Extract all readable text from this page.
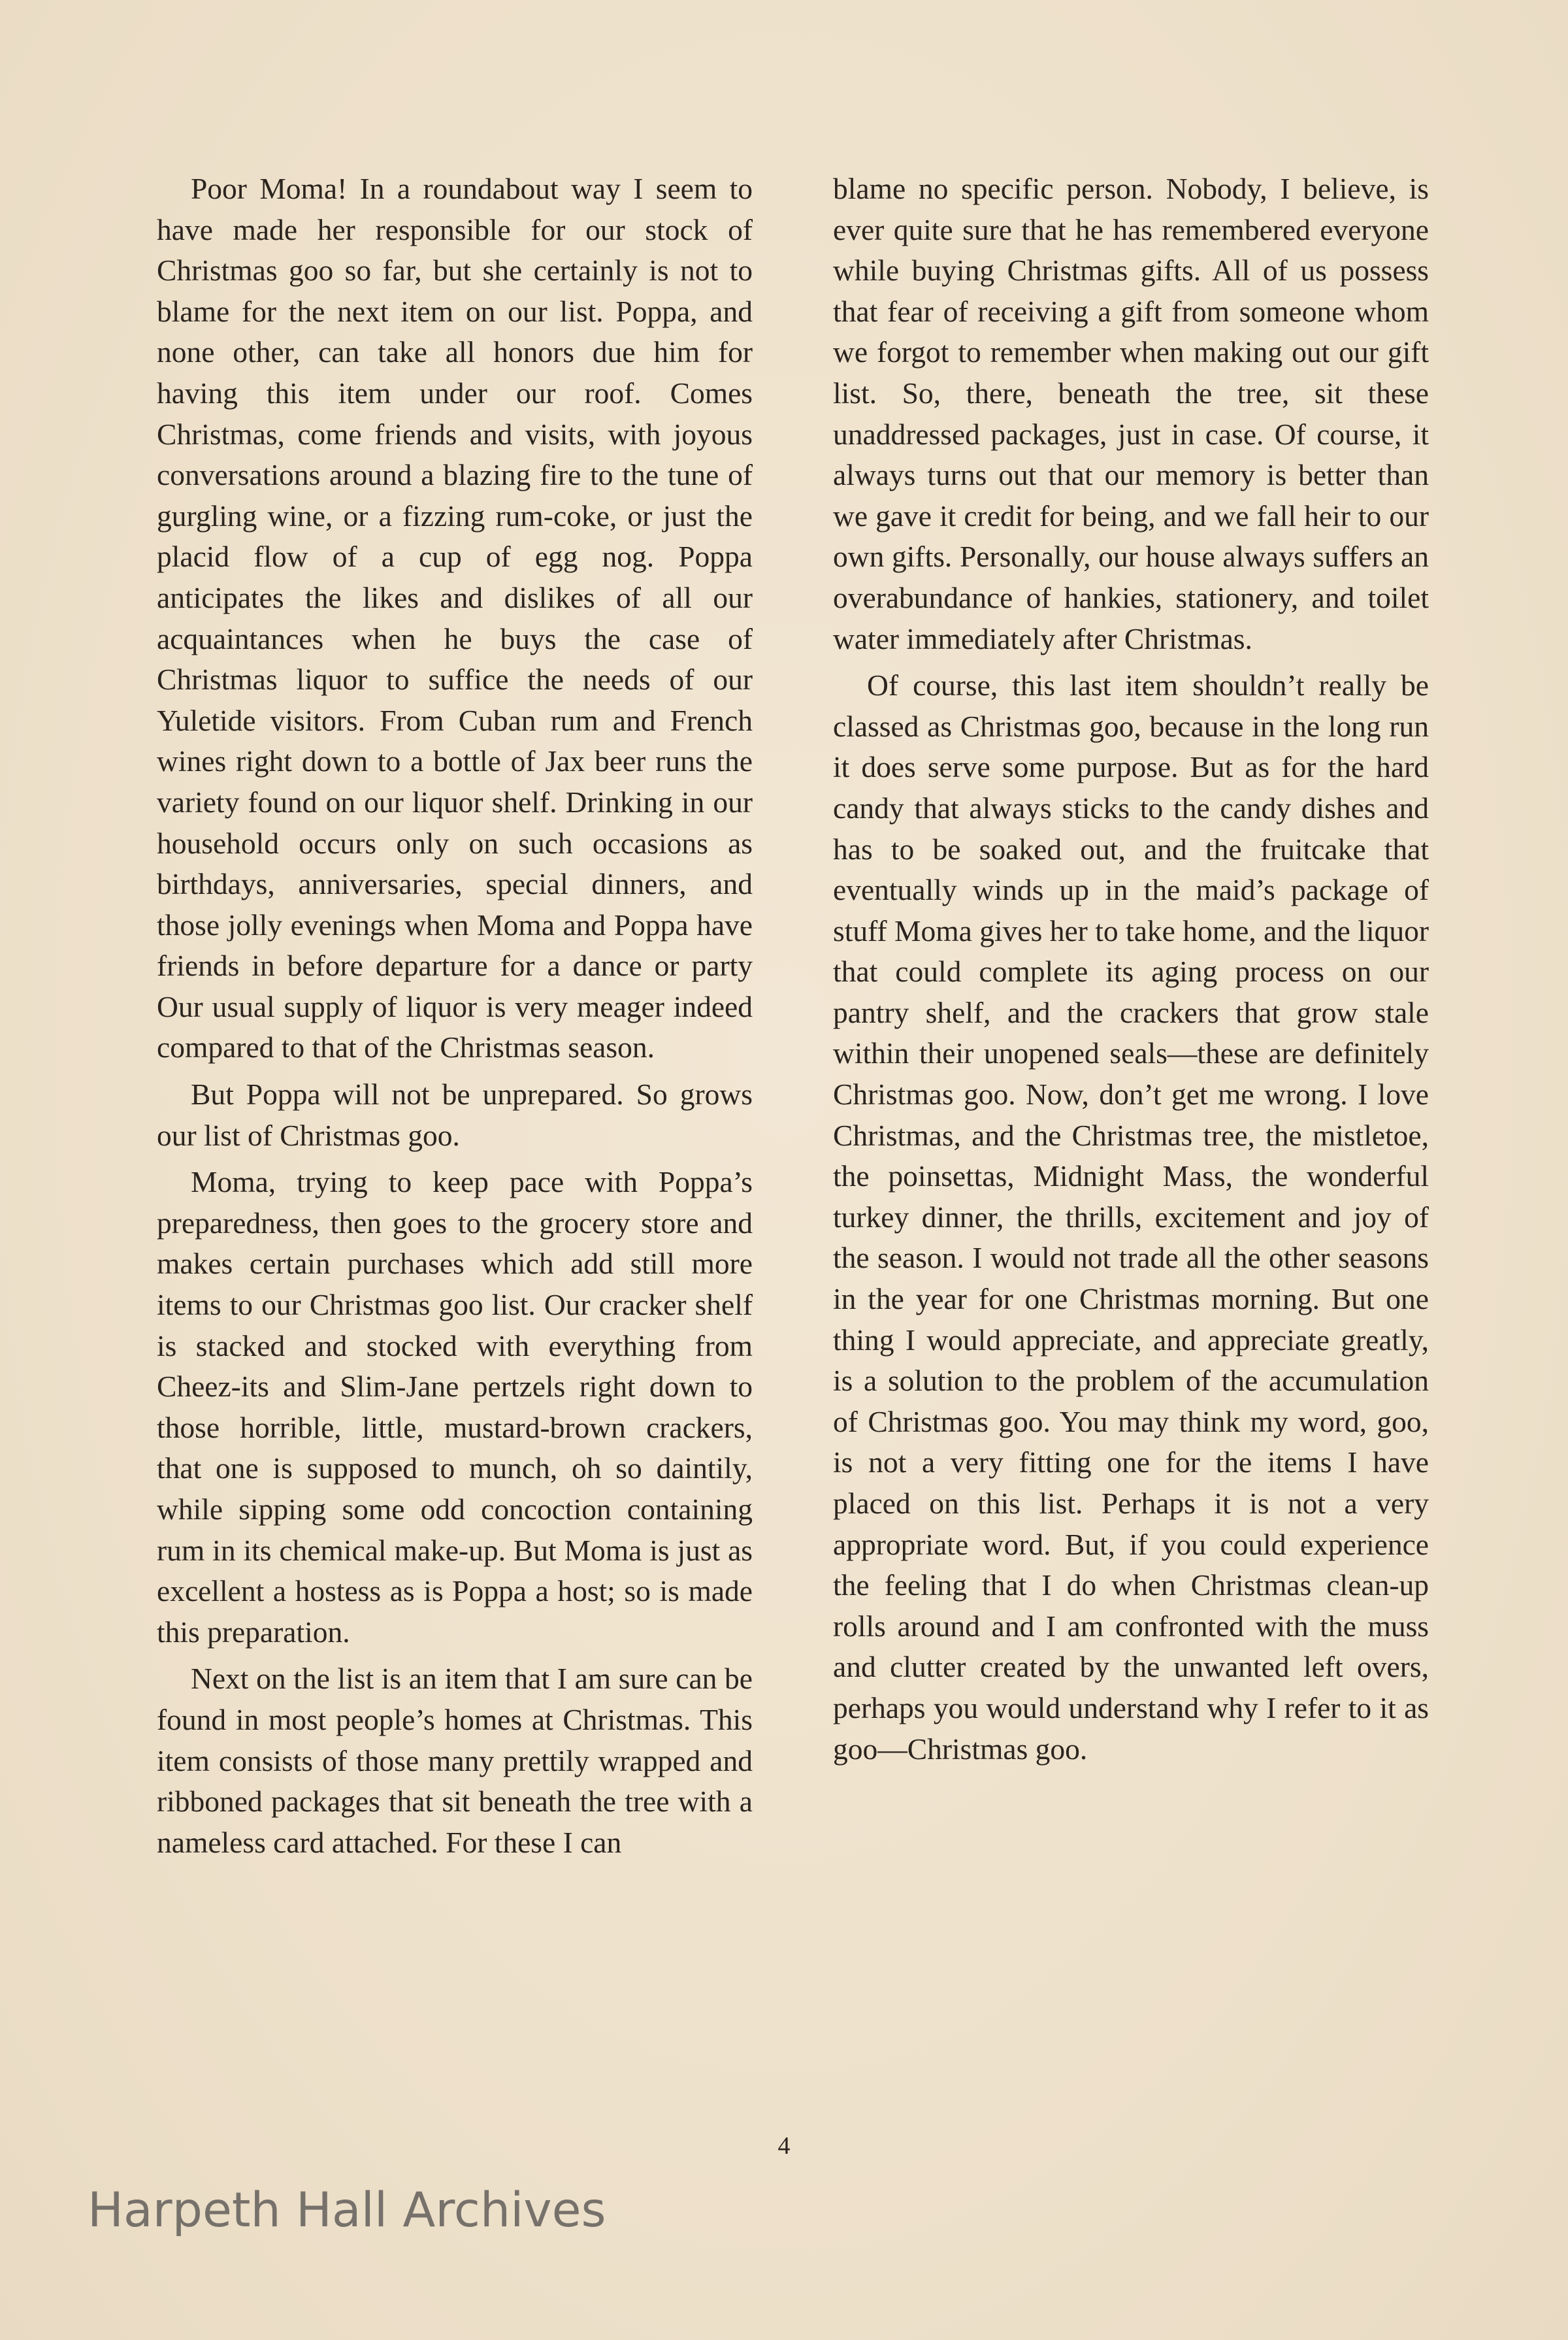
Poor Moma! In a roundabout way I seem to have made her responsible for our stock of Christmas goo so far, but she certainly is not to blame for the next item on our list. Poppa, and none other, can take all honors due him for having this item under our roof. Comes Christmas, come friends and visits, with joyous conversations around a blazing fire to the tune of gurgling wine, or a fizzing rum-coke, or just the placid flow of a cup of egg nog. Poppa anticipates the likes and dislikes of all our acquaintances when he buys the case of Christmas liquor to suffice the needs of our Yuletide visitors. From Cuban rum and French wines right down to a bottle of Jax beer runs the variety found on our liquor shelf. Drinking in our household occurs only on such occasions as birthdays, anniversaries, special dinners, and those jolly evenings when Moma and Poppa have friends in before departure for a dance or party Our usual supply of liquor is very meager indeed compared to that of the Christmas season.

But Poppa will not be unprepared. So grows our list of Christmas goo.

Moma, trying to keep pace with Poppa’s preparedness, then goes to the grocery store and makes certain purchases which add still more items to our Christmas goo list. Our cracker shelf is stacked and stocked with everything from Cheez-its and Slim-Jane pertzels right down to those horrible, little, mustard-brown crackers, that one is supposed to munch, oh so daintily, while sipping some odd concoction containing rum in its chemical make-up. But Moma is just as excellent a hostess as is Poppa a host; so is made this preparation.

Next on the list is an item that I am sure can be found in most people’s homes at Christmas. This item consists of those many prettily wrapped and ribboned packages that sit beneath the tree with a nameless card attached. For these I can

blame no specific person. Nobody, I believe, is ever quite sure that he has remembered everyone while buying Christmas gifts. All of us possess that fear of receiving a gift from someone whom we forgot to remember when making out our gift list. So, there, beneath the tree, sit these unaddressed packages, just in case. Of course, it always turns out that our memory is better than we gave it credit for being, and we fall heir to our own gifts. Personally, our house always suffers an overabundance of hankies, stationery, and toilet water immediately after Christmas.

Of course, this last item shouldn’t really be classed as Christmas goo, because in the long run it does serve some purpose. But as for the hard candy that always sticks to the candy dishes and has to be soaked out, and the fruitcake that eventually winds up in the maid’s package of stuff Moma gives her to take home, and the liquor that could complete its aging process on our pantry shelf, and the crackers that grow stale within their unopened seals—these are definitely Christmas goo. Now, don’t get me wrong. I love Christmas, and the Christmas tree, the mistletoe, the poinsettas, Midnight Mass, the wonderful turkey dinner, the thrills, excitement and joy of the season. I would not trade all the other seasons in the year for one Christmas morning. But one thing I would appreciate, and appreciate greatly, is a solution to the problem of the accumulation of Christmas goo. You may think my word, goo, is not a very fitting one for the items I have placed on this list. Perhaps it is not a very appropriate word. But, if you could experience the feeling that I do when Christmas clean-up rolls around and I am confronted with the muss and clutter created by the unwanted left overs, perhaps you would understand why I refer to it as goo—Christmas goo.

4
Harpeth Hall Archives
